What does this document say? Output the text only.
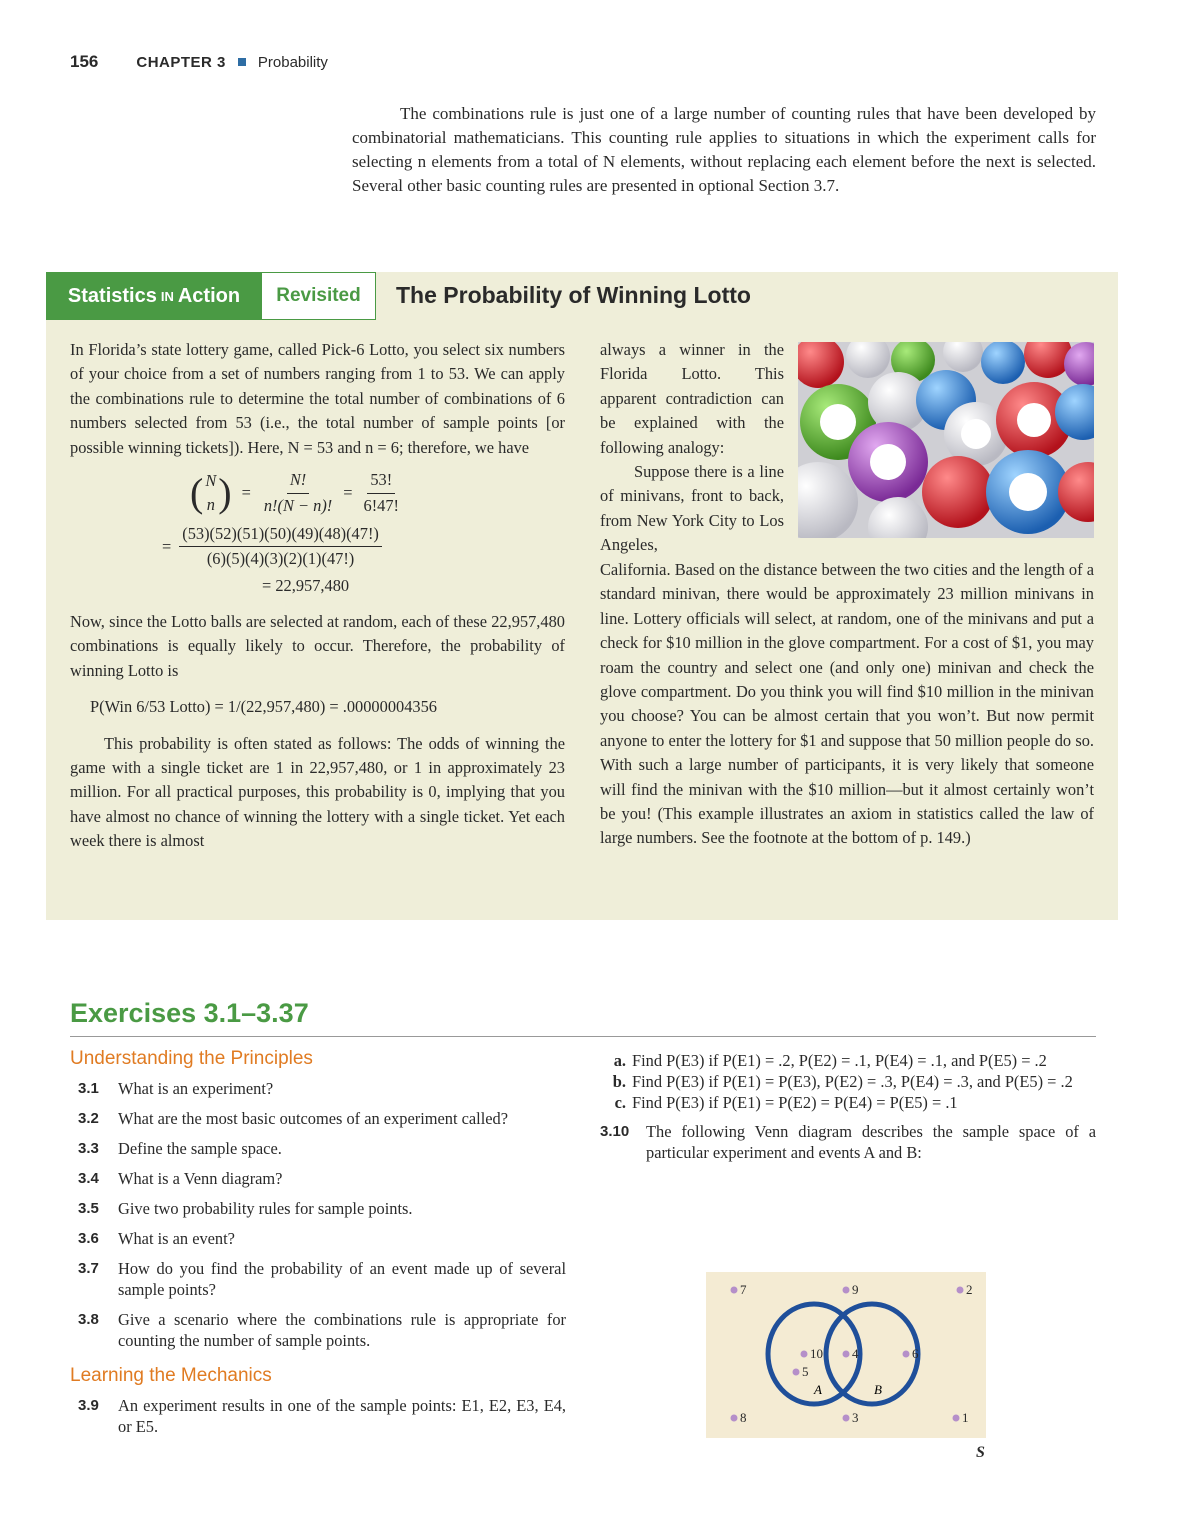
156	CHAPTER 3 Probability

The combinations rule is just one of a large number of counting rules that have been developed by combinatorial mathematicians. This counting rule applies to situations in which the experiment calls for selecting n elements from a total of N elements, without replacing each element before the next is selected. Several other basic counting rules are presented in optional Section 3.7.

Statistics IN Action	Revisited	The Probability of Winning Lotto

In Florida’s state lottery game, called Pick-6 Lotto, you select six numbers of your choice from a set of numbers ranging from 1 to 53. We can apply the combinations rule to determine the total number of combinations of 6 numbers selected from 53 (i.e., the total number of sample points [or possible winning tickets]). Here, N = 53 and n = 6; therefore, we have

( N
n ) = $\frac{N!}{n!(N - n)!} = \frac{53!}{6!47!}$
= $\frac{(53)(52)(51)(50)(49)(48)(47!)}{(6)(5)(4)(3)(2)(1)(47!)}$
= 22,957,480

Now, since the Lotto balls are selected at random, each of these 22,957,480 combinations is equally likely to occur. Therefore, the probability of winning Lotto is

P(Win 6/53 Lotto) = 1/(22,957,480) = .00000004356

This probability is often stated as follows: The odds of winning the game with a single ticket are 1 in 22,957,480, or 1 in approximately 23 million. For all practical purposes, this probability is 0, implying that you have almost no chance of winning the lottery with a single ticket. Yet each week there is almost

always a winner in the Florida Lotto. This apparent contradiction can be explained with the following analogy:

Suppose there is a line of minivans, front to back, from New York City to Los Angeles,

California. Based on the distance between the two cities and the length of a standard minivan, there would be approximately 23 million minivans in line. Lottery officials will select, at random, one of the minivans and put a check for $10 million in the glove compartment. For a cost of $1, you may roam the country and select one (and only one) minivan and check the glove compartment. Do you think you will find $10 million in the minivan you choose? You can be almost certain that you won’t. But now permit anyone to enter the lottery for $1 and suppose that 50 million people do so. With such a large number of participants, it is very likely that someone will find the minivan with the $10 million—but it almost certainly won’t be you! (This example illustrates an axiom in statistics called the law of large numbers. See the footnote at the bottom of p. 149.)

Exercises 3.1–3.37
Understanding the Principles
3.1	What is an experiment?
3.2	What are the most basic outcomes of an experiment called?
3.3	Define the sample space.
3.4	What is a Venn diagram?
3.5	Give two probability rules for sample points.
3.6	What is an event?
3.7	How do you find the probability of an event made up of several sample points?
3.8	Give a scenario where the combinations rule is appropriate for counting the number of sample points.
Learning the Mechanics
3.9	An experiment results in one of the sample points: E1, E2, E3, E4, or E5.
a. Find P(E3) if P(E1) = .2, P(E2) = .1, P(E4) = .1, and P(E5) = .2
b. Find P(E3) if P(E1) = P(E3), P(E2) = .3, P(E4) = .3, and P(E5) = .2
c. Find P(E3) if P(E1) = P(E2) = P(E4) = P(E5) = .1
3.10	The following Venn diagram describes the sample space of a particular experiment and events A and B:
7	9	2
10 4	6
5
8	3	1
A	B
S
